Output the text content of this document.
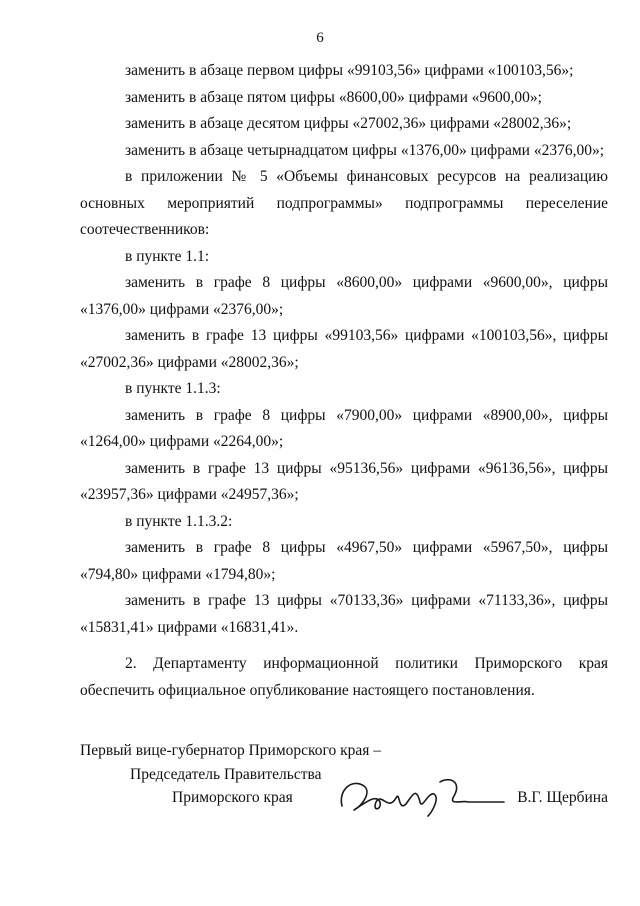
6

заменить в абзаце первом цифры «99103,56» цифрами «100103,56»;

заменить в абзаце пятом цифры «8600,00» цифрами «9600,00»;

заменить в абзаце десятом цифры «27002,36» цифрами «28002,36»;

заменить в абзаце четырнадцатом цифры «1376,00» цифрами «2376,00»;

в приложении № 5 «Объемы финансовых ресурсов на реализацию основных мероприятий подпрограммы» подпрограммы переселение соотечественников:

в пункте 1.1:

заменить в графе 8 цифры «8600,00» цифрами «9600,00», цифры «1376,00» цифрами «2376,00»;

заменить в графе 13 цифры «99103,56» цифрами «100103,56», цифры «27002,36» цифрами «28002,36»;

в пункте 1.1.3:

заменить в графе 8 цифры «7900,00» цифрами «8900,00», цифры «1264,00» цифрами «2264,00»;

заменить в графе 13 цифры «95136,56» цифрами «96136,56», цифры «23957,36» цифрами «24957,36»;

в пункте 1.1.3.2:

заменить в графе 8 цифры «4967,50» цифрами «5967,50», цифры «794,80» цифрами «1794,80»;

заменить в графе 13 цифры «70133,36» цифрами «71133,36», цифры «15831,41» цифрами «16831,41».

2. Департаменту информационной политики Приморского края обеспечить официальное опубликование настоящего постановления.

Первый вице-губернатор Приморского края –
Председатель Правительства
Приморского края	В.Г. Щербина
